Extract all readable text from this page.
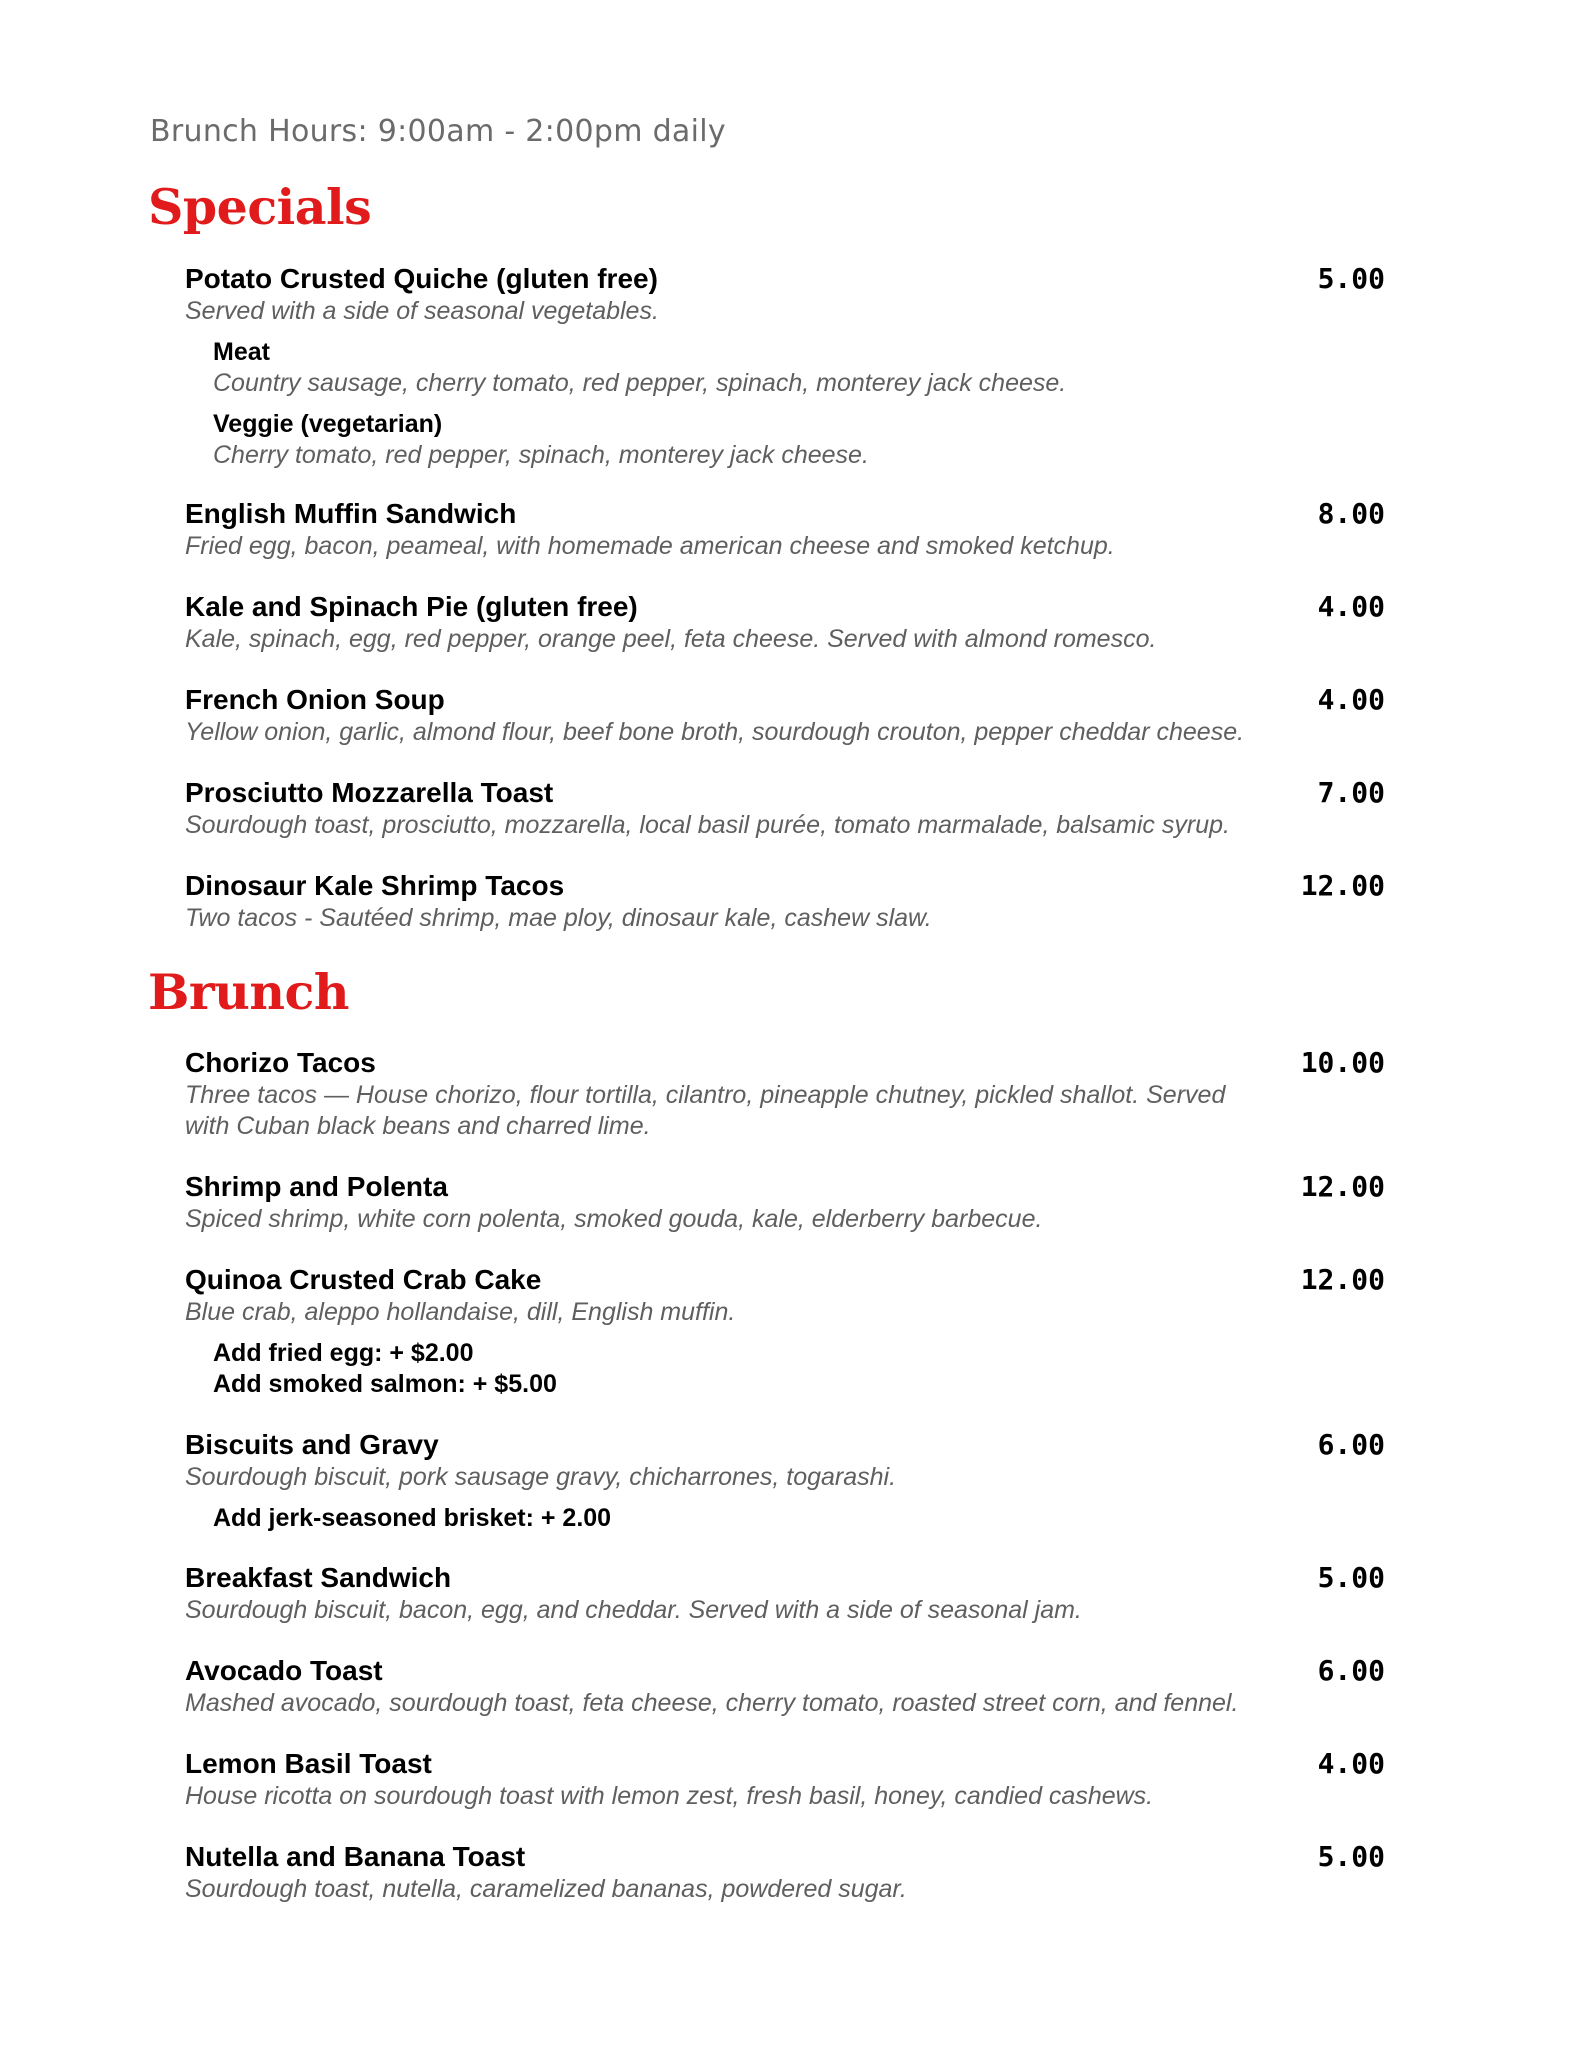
Brunch Hours: 9:00am - 2:00pm daily
Specials
Potato Crusted Quiche (gluten free)	5.00
Served with a side of seasonal vegetables.
Meat
Country sausage, cherry tomato, red pepper, spinach, monterey jack cheese.
Veggie (vegetarian)
Cherry tomato, red pepper, spinach, monterey jack cheese.
English Muffin Sandwich	8.00
Fried egg, bacon, peameal, with homemade american cheese and smoked ketchup.
Kale and Spinach Pie (gluten free)	4.00
Kale, spinach, egg, red pepper, orange peel, feta cheese. Served with almond romesco.
French Onion Soup	4.00
Yellow onion, garlic, almond flour, beef bone broth, sourdough crouton, pepper cheddar cheese.
Prosciutto Mozzarella Toast	7.00
Sourdough toast, prosciutto, mozzarella, local basil purée, tomato marmalade, balsamic syrup.
Dinosaur Kale Shrimp Tacos	12.00
Two tacos - Sautéed shrimp, mae ploy, dinosaur kale, cashew slaw.
Brunch
Chorizo Tacos	10.00
Three tacos — House chorizo, flour tortilla, cilantro, pineapple chutney, pickled shallot. Served with Cuban black beans and charred lime.
Shrimp and Polenta	12.00
Spiced shrimp, white corn polenta, smoked gouda, kale, elderberry barbecue.
Quinoa Crusted Crab Cake	12.00
Blue crab, aleppo hollandaise, dill, English muffin.
Add fried egg: + $2.00
Add smoked salmon: + $5.00
Biscuits and Gravy	6.00
Sourdough biscuit, pork sausage gravy, chicharrones, togarashi.
Add jerk-seasoned brisket: + 2.00
Breakfast Sandwich	5.00
Sourdough biscuit, bacon, egg, and cheddar. Served with a side of seasonal jam.
Avocado Toast	6.00
Mashed avocado, sourdough toast, feta cheese, cherry tomato, roasted street corn, and fennel.
Lemon Basil Toast	4.00
House ricotta on sourdough toast with lemon zest, fresh basil, honey, candied cashews.
Nutella and Banana Toast	5.00
Sourdough toast, nutella, caramelized bananas, powdered sugar.
